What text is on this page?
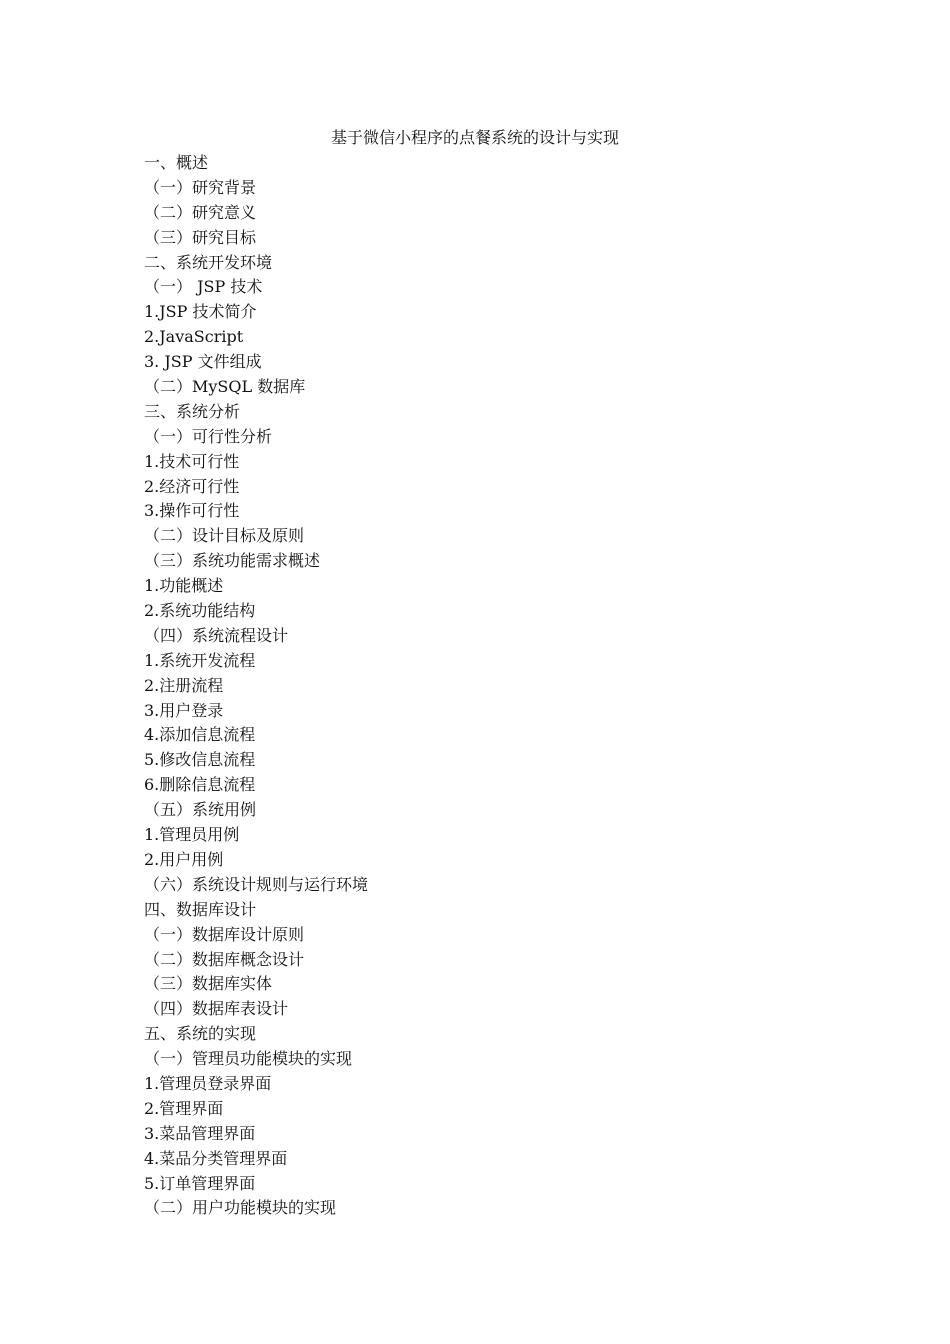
基于微信小程序的点餐系统的设计与实现
一、概述
（一）研究背景
（二）研究意义
（三）研究目标
二、系统开发环境
（一） JSP 技术
1.JSP 技术简介
2.JavaScript
3. JSP 文件组成
（二）MySQL 数据库
三、系统分析
（一）可行性分析
1.技术可行性
2.经济可行性
3.操作可行性
（二）设计目标及原则
（三）系统功能需求概述
1.功能概述
2.系统功能结构
（四）系统流程设计
1.系统开发流程
2.注册流程
3.用户登录
4.添加信息流程
5.修改信息流程
6.删除信息流程
（五）系统用例
1.管理员用例
2.用户用例
（六）系统设计规则与运行环境
四、数据库设计
（一）数据库设计原则
（二）数据库概念设计
（三）数据库实体
（四）数据库表设计
五、系统的实现
（一）管理员功能模块的实现
1.管理员登录界面
2.管理界面
3.菜品管理界面
4.菜品分类管理界面
5.订单管理界面
（二）用户功能模块的实现
